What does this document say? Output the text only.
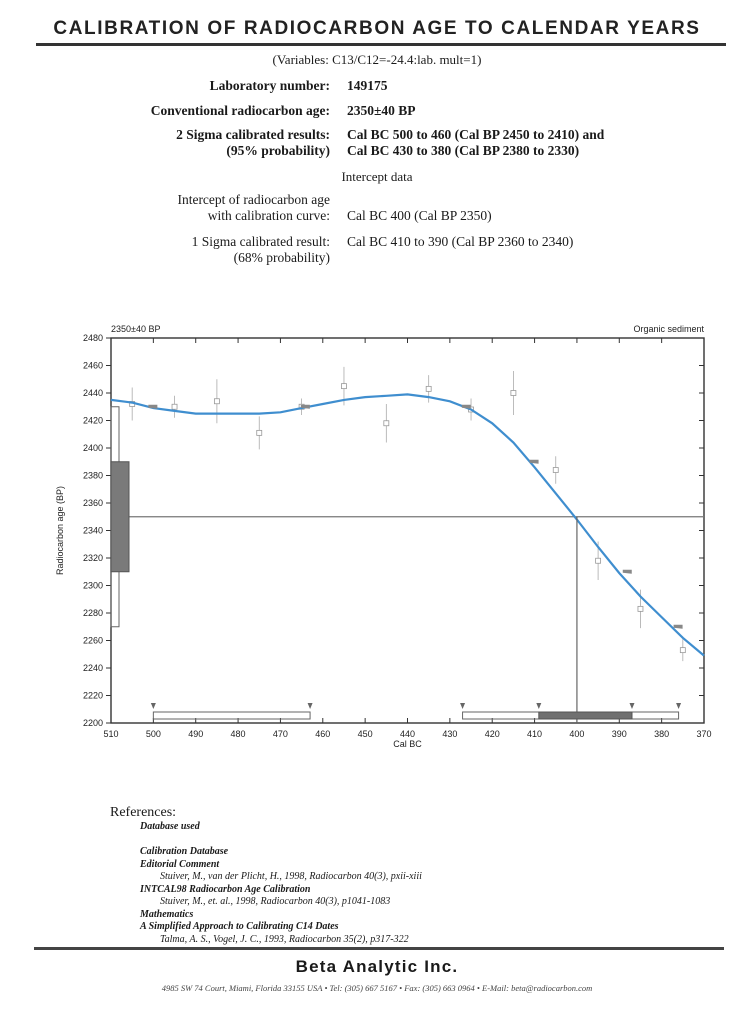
CALIBRATION OF RADIOCARBON AGE TO CALENDAR YEARS
(Variables: C13/C12=-24.4:lab. mult=1)
Laboratory number: 149175
Conventional radiocarbon age: 2350±40 BP
2 Sigma calibrated results:
(95% probability)
Cal BC 500 to 460 (Cal BP 2450 to 2410) and
Cal BC 430 to 380 (Cal BP 2380 to 2330)
Intercept data
Intercept of radiocarbon age
with calibration curve: Cal BC 400 (Cal BP 2350)
1 Sigma calibrated result:
(68% probability)
Cal BC 410 to 390 (Cal BP 2360 to 2340)
2350±40 BP	Organic sediment
2200
2220
2240
2260
2280
2300
2320
2340
2360
2380
2400
2420
2440
2460
2480
510	500	490	480	470	460	450	440	430	420	410	400	390	380	370
Cal BC
Radiocarbon age (BP)
References:
Database used
Calibration Database
Editorial Comment
Stuiver, M., van der Plicht, H., 1998, Radiocarbon 40(3), pxii-xiii
INTCAL98 Radiocarbon Age Calibration
Stuiver, M., et. al., 1998, Radiocarbon 40(3), p1041-1083
Mathematics
A Simplified Approach to Calibrating C14 Dates
Talma, A. S., Vogel, J. C., 1993, Radiocarbon 35(2), p317-322
Beta Analytic Inc.
4985 SW 74 Court, Miami, Florida 33155 USA • Tel: (305) 667 5167 • Fax: (305) 663 0964 • E-Mail: beta@radiocarbon.com
